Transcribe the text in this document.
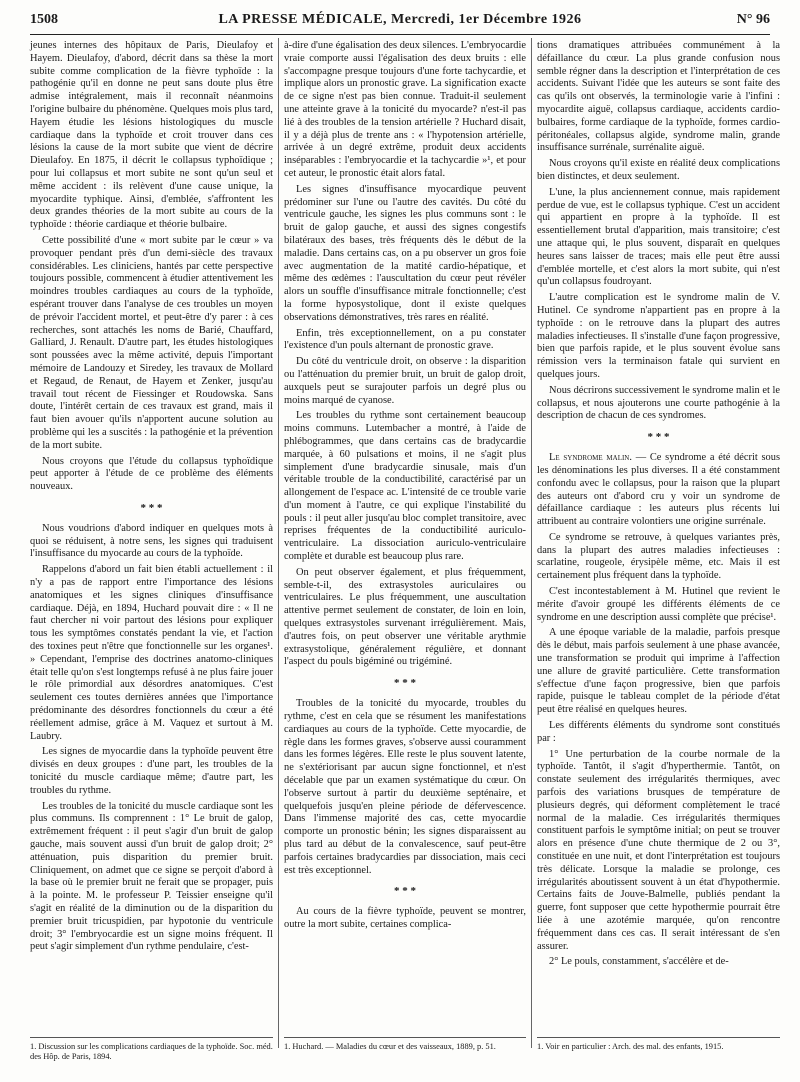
1508	LA PRESSE MÉDICALE, Mercredi, 1er Décembre 1926	N° 96

jeunes internes des hôpitaux de Paris, Dieulafoy et Hayem. Dieulafoy, d'abord, décrit dans sa thèse la mort subite comme complication de la fièvre typhoïde : la pathogénie qu'il en donne ne peut sans doute plus être admise intégralement, mais il reconnaît néanmoins l'origine bulbaire du phénomène. Quelques mois plus tard, Hayem étudie les lésions histologiques du muscle cardiaque dans la typhoïde et croit trouver dans ces lésions la cause de la mort subite que vient de décrire Dieulafoy. En 1875, il décrit le collapsus typhoïdique ; pour lui collapsus et mort subite ne sont qu'un seul et même accident : ils relèvent d'une cause unique, la myocardite typhique. Ainsi, d'emblée, s'affrontent les deux grandes théories de la mort subite au cours de la typhoïde : théorie cardiaque et théorie bulbaire.

Cette possibilité d'une « mort subite par le cœur » va provoquer pendant près d'un demi-siècle des travaux considérables. Les cliniciens, hantés par cette perspective toujours possible, commencent à étudier attentivement les moindres troubles cardiaques au cours de la typhoïde, espérant trouver dans l'analyse de ces troubles un moyen de prévoir l'accident mortel, et peut-être d'y parer : à ces recherches, sont attachés les noms de Barié, Chauffard, Galliard, J. Renault. D'autre part, les études histologiques sont poussées avec la même activité, depuis l'important mémoire de Landouzy et Siredey, les travaux de Mollard et Regaud, de Renaut, de Hayem et Zenker, jusqu'au travail tout récent de Fiessinger et Roudowska. Sans doute, l'intérêt certain de ces travaux est grand, mais il faut bien avouer qu'ils n'apportent aucune solution au problème qui les a suscités : la pathogénie et la prévention de la mort subite.

Nous croyons que l'étude du collapsus typhoïdique peut apporter à l'étude de ce problème des éléments nouveaux.

* * *

Nous voudrions d'abord indiquer en quelques mots à quoi se réduisent, à notre sens, les signes qui traduisent l'insuffisance du myocarde au cours de la typhoïde.

Rappelons d'abord un fait bien établi actuellement : il n'y a pas de rapport entre l'importance des lésions anatomiques et les signes cliniques d'insuffisance cardiaque. Déjà, en 1894, Huchard pouvait dire : « Il ne faut chercher ni voir partout des lésions pour expliquer tous les symptômes constatés pendant la vie, et l'action des toxines peut n'être que fonctionnelle sur les organes¹. » Cependant, l'emprise des doctrines anatomo-cliniques était telle qu'on s'est longtemps refusé à ne plus faire jouer le rôle primordial aux désordres anatomiques. C'est seulement ces toutes dernières années que l'importance prédominante des désordres fonctionnels du cœur a été réellement admise, grâce à M. Vaquez et surtout à M. Laubry.

Les signes de myocardie dans la typhoïde peuvent être divisés en deux groupes : d'une part, les troubles de la tonicité du muscle cardiaque même; d'autre part, les troubles du rythme.

Les troubles de la tonicité du muscle cardiaque sont les plus communs. Ils comprennent : 1° Le bruit de galop, extrêmement fréquent : il peut s'agir d'un bruit de galop gauche, mais souvent aussi d'un bruit de galop droit; 2° atténuation, puis disparition du premier bruit. Cliniquement, on admet que ce signe se perçoit d'abord à la base où le premier bruit ne ferait que se propager, puis à la pointe. M. le professeur P. Teissier enseigne qu'il s'agit en réalité de la diminution ou de la disparition du premier bruit tricuspidien, par hypotonie du ventricule droit; 3° l'embryocardie est un signe moins fréquent. Il peut s'agir simplement d'un rythme pendulaire, c'est-

à-dire d'une égalisation des deux silences. L'embryocardie vraie comporte aussi l'égalisation des deux bruits : elle s'accompagne presque toujours d'une forte tachycardie, et implique alors un pronostic grave. La signification exacte de ce signe n'est pas bien connue. Traduit-il seulement une atteinte grave à la tonicité du myocarde? n'est-il pas lié à des troubles de la tension artérielle ? Huchard disait, il y a déjà plus de trente ans : « l'hypotension artérielle, arrivée à un degré extrême, produit deux accidents inséparables : l'embryocardie et la tachycardie »¹, et pour cet auteur, le pronostic était alors fatal.

Les signes d'insuffisance myocardique peuvent prédominer sur l'une ou l'autre des cavités. Du côté du ventricule gauche, les signes les plus communs sont : le bruit de galop gauche, et aussi des signes congestifs bilatéraux des bases, très fréquents dès le début de la maladie. Dans certains cas, on a pu observer un gros foie avec augmentation de la matité cardio-hépatique, et même des œdèmes : l'auscultation du cœur peut révéler alors un souffle d'insuffisance mitrale fonctionnelle; c'est la forme hyposystolique, dont il existe quelques observations démonstratives, très rares en réalité.

Enfin, très exceptionnellement, on a pu constater l'existence d'un pouls alternant de pronostic grave.

Du côté du ventricule droit, on observe : la disparition ou l'atténuation du premier bruit, un bruit de galop droit, auxquels peut se surajouter parfois un degré plus ou moins marqué de cyanose.

Les troubles du rythme sont certainement beaucoup moins communs. Lutembacher a montré, à l'aide de phlébogrammes, que dans certains cas de bradycardie marquée, à 60 pulsations et moins, il ne s'agit plus simplement d'une bradycardie sinusale, mais d'un véritable trouble de la conductibilité, caractérisé par un allongement de l'espace ac. L'intensité de ce trouble varie d'un moment à l'autre, ce qui explique l'instabilité du pouls : il peut aller jusqu'au bloc complet transitoire, avec reprises fréquentes de la conductibilité auriculo-ventriculaire. La dissociation auriculo-ventriculaire complète et durable est beaucoup plus rare.

On peut observer également, et plus fréquemment, semble-t-il, des extrasystoles auriculaires ou ventriculaires. Le plus fréquemment, une auscultation attentive permet seulement de constater, de loin en loin, quelques extrasystoles survenant irrégulièrement. Mais, d'autres fois, on peut observer une véritable arythmie extrasystolique, généralement régulière, et donnant l'aspect du pouls bigéminé ou trigéminé.

* * *

Troubles de la tonicité du myocarde, troubles du rythme, c'est en cela que se résument les manifestations cardiaques au cours de la typhoïde. Cette myocardie, de règle dans les formes graves, s'observe aussi couramment dans les formes légères. Elle reste le plus souvent latente, ne s'extériorisant par aucun signe fonctionnel, et n'est décelable que par un examen systématique du cœur. On l'observe surtout à partir du deuxième septénaire, et quelquefois jusqu'en pleine période de défervescence. Dans l'immense majorité des cas, cette myocardie comporte un pronostic bénin; les signes disparaissent au plus tard au début de la convalescence, sauf peut-être parfois certaines bradycardies par dissociation, mais ceci est très exceptionnel.

* * *

Au cours de la fièvre typhoïde, peuvent se montrer, outre la mort subite, certaines complica-

tions dramatiques attribuées communément à la défaillance du cœur. La plus grande confusion nous semble régner dans la description et l'interprétation de ces accidents. Suivant l'idée que les auteurs se sont faite des cas qu'ils ont observés, la terminologie varie à l'infini : myocardite aiguë, collapsus cardiaque, accidents cardio-bulbaires, forme cardiaque de la typhoïde, formes cardio-péritonéales, collapsus algide, syndrome malin, grande insuffisance surrénale, surrénalite aiguë.

Nous croyons qu'il existe en réalité deux complications bien distinctes, et deux seulement.

L'une, la plus anciennement connue, mais rapidement perdue de vue, est le collapsus typhique. C'est un accident qui appartient en propre à la typhoïde. Il est essentiellement brutal d'apparition, mais transitoire; c'est une attaque qui, le plus souvent, disparaît en quelques heures sans laisser de traces; mais elle peut être aussi d'emblée mortelle, et c'est alors la mort subite, qui n'est qu'un collapsus foudroyant.

L'autre complication est le syndrome malin de V. Hutinel. Ce syndrome n'appartient pas en propre à la typhoïde : on le retrouve dans la plupart des autres maladies infectieuses. Il s'installe d'une façon progressive, bien que parfois rapide, et le plus souvent évolue sans rémission vers la terminaison fatale qui survient en quelques jours.

Nous décrirons successivement le syndrome malin et le collapsus, et nous ajouterons une courte pathogénie à la description de chacun de ces syndromes.

* * *

Le syndrome malin. — Ce syndrome a été décrit sous les dénominations les plus diverses. Il a été constamment confondu avec le collapsus, pour la raison que la plupart des auteurs ont d'abord cru y voir un syndrome de défaillance cardiaque : les auteurs plus récents lui attribuent au contraire volontiers une origine surrénale.

Ce syndrome se retrouve, à quelques variantes près, dans la plupart des autres maladies infectieuses : scarlatine, rougeole, érysipèle même, etc. Mais il est certainement plus fréquent dans la typhoïde.

C'est incontestablement à M. Hutinel que revient le mérite d'avoir groupé les différents éléments de ce syndrome en une description aussi complète que précise¹.

A une époque variable de la maladie, parfois presque dès le début, mais parfois seulement à une phase avancée, une transformation se produit qui imprime à l'affection une allure de gravité particulière. Cette transformation s'effectue d'une façon progressive, bien que parfois rapide, puisque le tableau complet de la période d'état peut être réalisé en quelques heures.

Les différents éléments du syndrome sont constitués par :

1° Une perturbation de la courbe normale de la typhoïde. Tantôt, il s'agit d'hyperthermie. Tantôt, on constate seulement des irrégularités thermiques, avec parfois des variations brusques de température de plusieurs degrés, qui déforment complètement le tracé normal de la maladie. Ces irrégularités thermiques constituent parfois le symptôme initial; on peut se trouver alors en présence d'une chute thermique de 2 ou 3°, constituée en une nuit, et dont l'interprétation est toujours très délicate. Lorsque la maladie se prolonge, ces irrégularités aboutissent souvent à un état d'hypothermie. Certains faits de Jouve-Balmelle, publiés pendant la guerre, font supposer que cette hypothermie pourrait être liée à une azotémie marquée, qu'on rencontre fréquemment dans ces cas. Il serait intéressant de s'en assurer.

2° Le pouls, constamment, s'accélère et de-

1. Discussion sur les complications cardiaques de la typhoïde. Soc. méd. des Hôp. de Paris, 1894.
1. Huchard. — Maladies du cœur et des vaisseaux, 1889, p. 51.	1. Voir en particulier : Arch. des mal. des enfants, 1915.
